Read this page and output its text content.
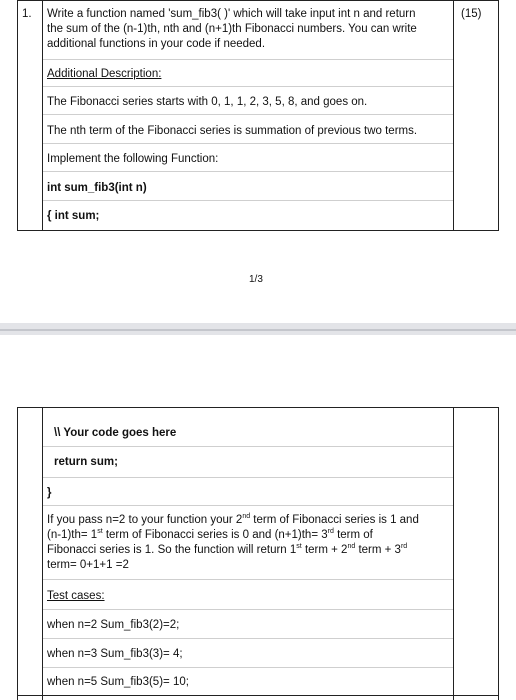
1.	(15)
Write a function named 'sum_fib3( )' which will take input int n and return
the sum of the (n-1)th, nth and (n+1)th Fibonacci numbers. You can write
additional functions in your code if needed.
Additional Description:
The Fibonacci series starts with 0, 1, 1, 2, 3, 5, 8, and goes on.
The nth term of the Fibonacci series is summation of previous two terms.
Implement the following Function:
int sum_fib3(int n)
{ int sum;
1/3
\\ Your code goes here
return sum;
}
If you pass n=2 to your function your 2nd term of Fibonacci series is 1 and
(n-1)th= 1st term of Fibonacci series is 0 and (n+1)th= 3rd term of
Fibonacci series is 1. So the function will return 1st term + 2nd term + 3rd
term= 0+1+1 =2
Test cases:
when n=2 Sum_fib3(2)=2;
when n=3 Sum_fib3(3)= 4;
when n=5 Sum_fib3(5)= 10;
